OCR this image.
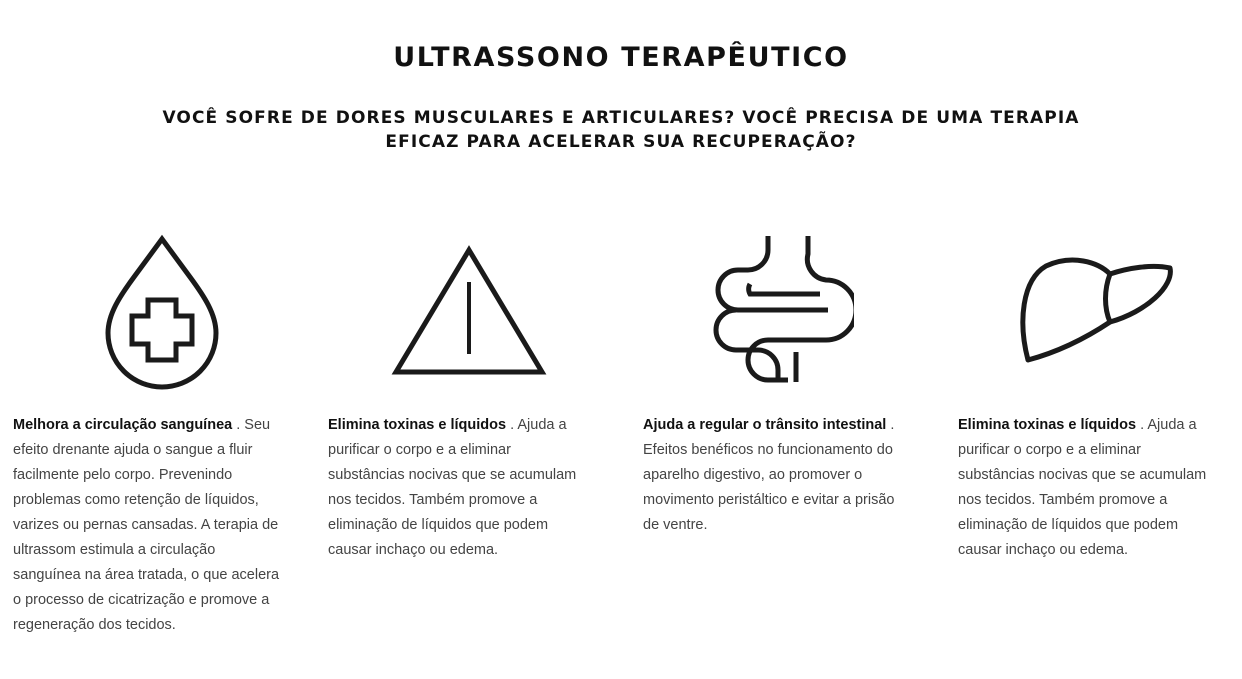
ULTRASSONO TERAPÊUTICO
VOCÊ SOFRE DE DORES MUSCULARES E ARTICULARES? VOCÊ PRECISA DE UMA TERAPIA
EFICAZ PARA ACELERAR SUA RECUPERAÇÃO?

Melhora a circulação sanguínea . Seu
efeito drenante ajuda o sangue a fluir
facilmente pelo corpo. Prevenindo
problemas como retenção de líquidos,
varizes ou pernas cansadas. A terapia de
ultrassom estimula a circulação
sanguínea na área tratada, o que acelera
o processo de cicatrização e promove a
regeneração dos tecidos.

Elimina toxinas e líquidos . Ajuda a
purificar o corpo e a eliminar
substâncias nocivas que se acumulam
nos tecidos. Também promove a
eliminação de líquidos que podem
causar inchaço ou edema.

Ajuda a regular o trânsito intestinal .
Efeitos benéficos no funcionamento do
aparelho digestivo, ao promover o
movimento peristáltico e evitar a prisão
de ventre.

Elimina toxinas e líquidos . Ajuda a
purificar o corpo e a eliminar
substâncias nocivas que se acumulam
nos tecidos. Também promove a
eliminação de líquidos que podem
causar inchaço ou edema.
